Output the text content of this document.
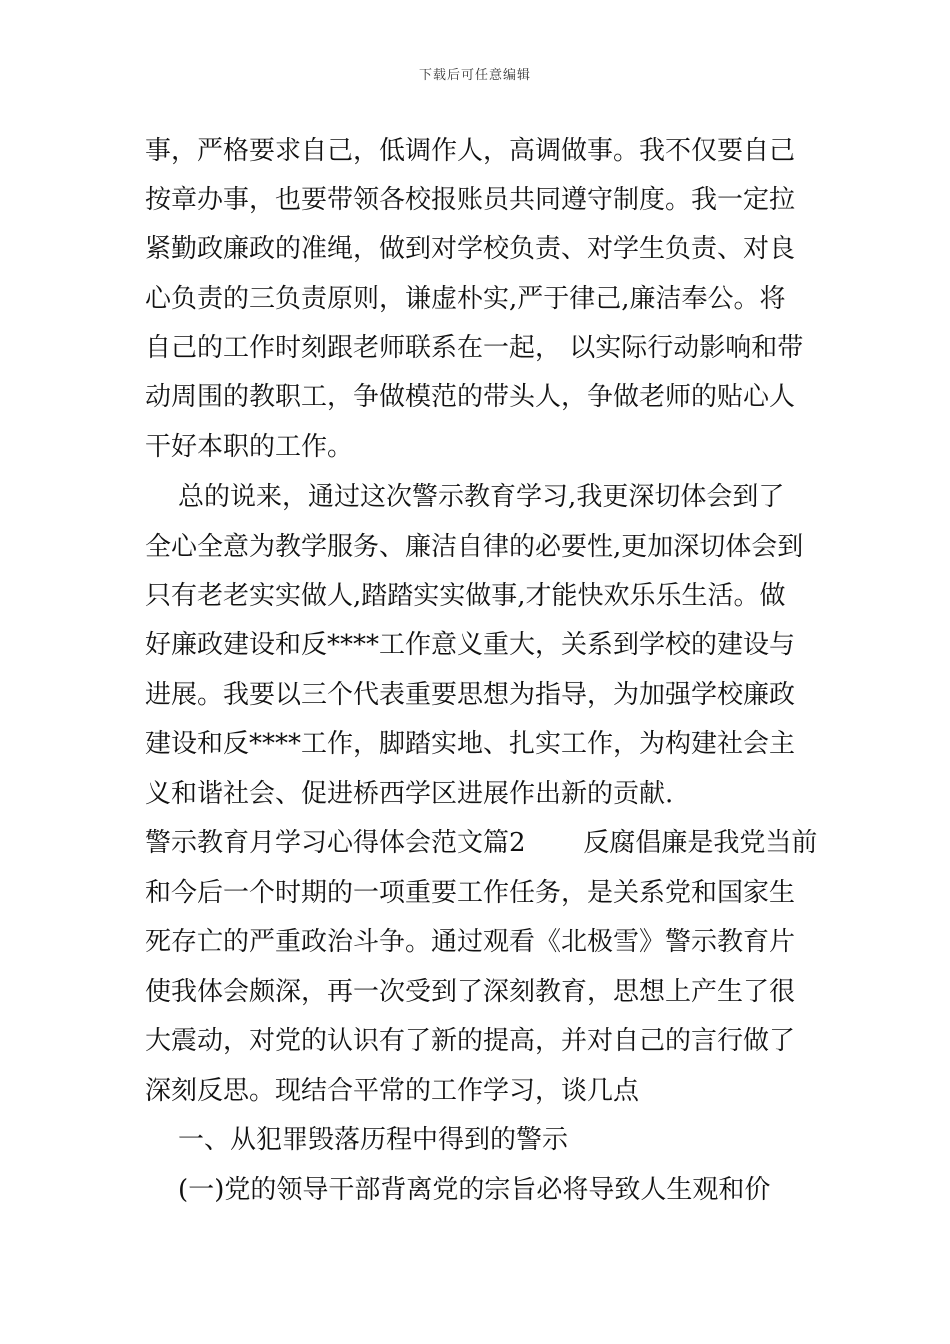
下载后可任意编辑
事，严格要求自己，低调作人，高调做事。我不仅要自己
按章办事，也要带领各校报账员共同遵守制度。我一定拉
紧勤政廉政的准绳，做到对学校负责、对学生负责、对良
心负责的三负责原则，谦虚朴实,严于律己,廉洁奉公。将
自己的工作时刻跟老师联系在一起， 以实际行动影响和带
动周围的教职工，争做模范的带头人，争做老师的贴心人
干好本职的工作。
总的说来，通过这次警示教育学习,我更深切体会到了
全心全意为教学服务、廉洁自律的必要性,更加深切体会到
只有老老实实做人,踏踏实实做事,才能快欢乐乐生活。做
好廉政建设和反****工作意义重大，关系到学校的建设与
进展。我要以三个代表重要思想为指导，为加强学校廉政
建设和反****工作，脚踏实地、扎实工作，为构建社会主
义和谐社会、促进桥西学区进展作出新的贡献.
警示教育月学习心得体会范文篇2       反腐倡廉是我党当前
和今后一个时期的一项重要工作任务，是关系党和国家生
死存亡的严重政治斗争。通过观看《北极雪》警示教育片
使我体会颇深，再一次受到了深刻教育，思想上产生了很
大震动，对党的认识有了新的提高，并对自己的言行做了
深刻反思。现结合平常的工作学习，谈几点
一、从犯罪毁落历程中得到的警示
(一)党的领导干部背离党的宗旨必将导致人生观和价
